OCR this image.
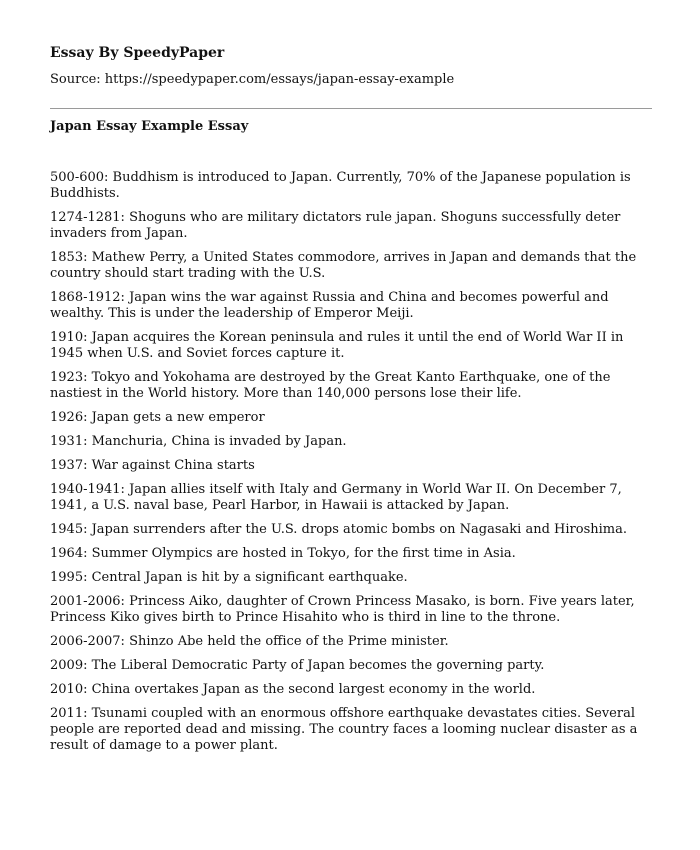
Essay By SpeedyPaper

Source: https://speedypaper.com/essays/japan-essay-example

Japan Essay Example Essay
500-600: Buddhism is introduced to Japan. Currently, 70% of the Japanese population is Buddhists.
1274-1281: Shoguns who are military dictators rule japan. Shoguns successfully deter invaders from Japan.
1853: Mathew Perry, a United States commodore, arrives in Japan and demands that the country should start trading with the U.S.
1868-1912: Japan wins the war against Russia and China and becomes powerful and wealthy. This is under the leadership of Emperor Meiji.
1910: Japan acquires the Korean peninsula and rules it until the end of World War II in 1945 when U.S. and Soviet forces capture it.
1923: Tokyo and Yokohama are destroyed by the Great Kanto Earthquake, one of the nastiest in the World history. More than 140,000 persons lose their life.
1926: Japan gets a new emperor
1931: Manchuria, China is invaded by Japan.
1937: War against China starts
1940-1941: Japan allies itself with Italy and Germany in World War II. On December 7, 1941, a U.S. naval base, Pearl Harbor, in Hawaii is attacked by Japan.
1945: Japan surrenders after the U.S. drops atomic bombs on Nagasaki and Hiroshima.
1964: Summer Olympics are hosted in Tokyo, for the first time in Asia.
1995: Central Japan is hit by a significant earthquake.
2001-2006: Princess Aiko, daughter of Crown Princess Masako, is born. Five years later, Princess Kiko gives birth to Prince Hisahito who is third in line to the throne.
2006-2007: Shinzo Abe held the office of the Prime minister.
2009: The Liberal Democratic Party of Japan becomes the governing party.
2010: China overtakes Japan as the second largest economy in the world.
2011: Tsunami coupled with an enormous offshore earthquake devastates cities. Several people are reported dead and missing. The country faces a looming nuclear disaster as a result of damage to a power plant.
